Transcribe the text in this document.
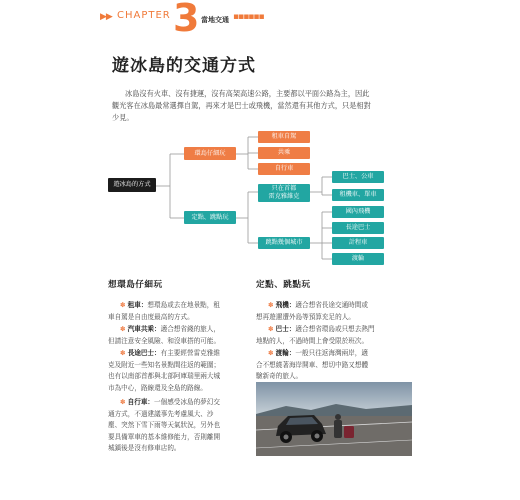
▶▶ CHAPTER 3 當地交通 ▪▪▪▪▪▪
遊冰島的交通方式
冰島沒有火車、沒有捷運，沒有高架高速公路，主要都以平面公路為主，因此
觀光客在冰島最常選擇自駕，再來才是巴士或飛機，當然還有其他方式，只是相對
少見。
遊冰島的方式
環島仔細玩
租車自駕
共乘
自行車
定點、跳點玩
只在首都
雷克雅維克
巴士、公車
租機車、單車
跳點幾個城市
國內飛機
長途巴士
計程車
渡輪
想環島仔細玩
✽ 租車：想環島或去在地景點，租
車自駕是自由度最高的方式。
✽ 汽車共乘：適合想省錢的旅人，
但請注意安全風險、和沒車搭的可能。
✽ 長途巴士：有主要經營雷克雅維
克及附近一些知名景點間往返的範圍；
也有以南部首都與北部阿庫瑞里兩大城
市為中心，路線還及全島的路線。
✽ 自行車：一個感受冰島的夢幻交
通方式，不過建議事先考慮風大、沙
塵、突然下雪下雨等天氣狀況，另外也
要具備單車的基本維修能力，否則離開
城鎮後是沒有修車店的。
定點、跳點玩
✽ 飛機：適合想省長途交通時間或
想再遊邇遭外島等預算充足的人。
✽ 巴士：適合想省環島或只想去熱門
地點的人，不過時間上會受限於班次。
✽ 渡輪：一般只往返海灣兩岸，適
合不想繞著海岸開車、想切中路又想體
驗新奇的旅人。
